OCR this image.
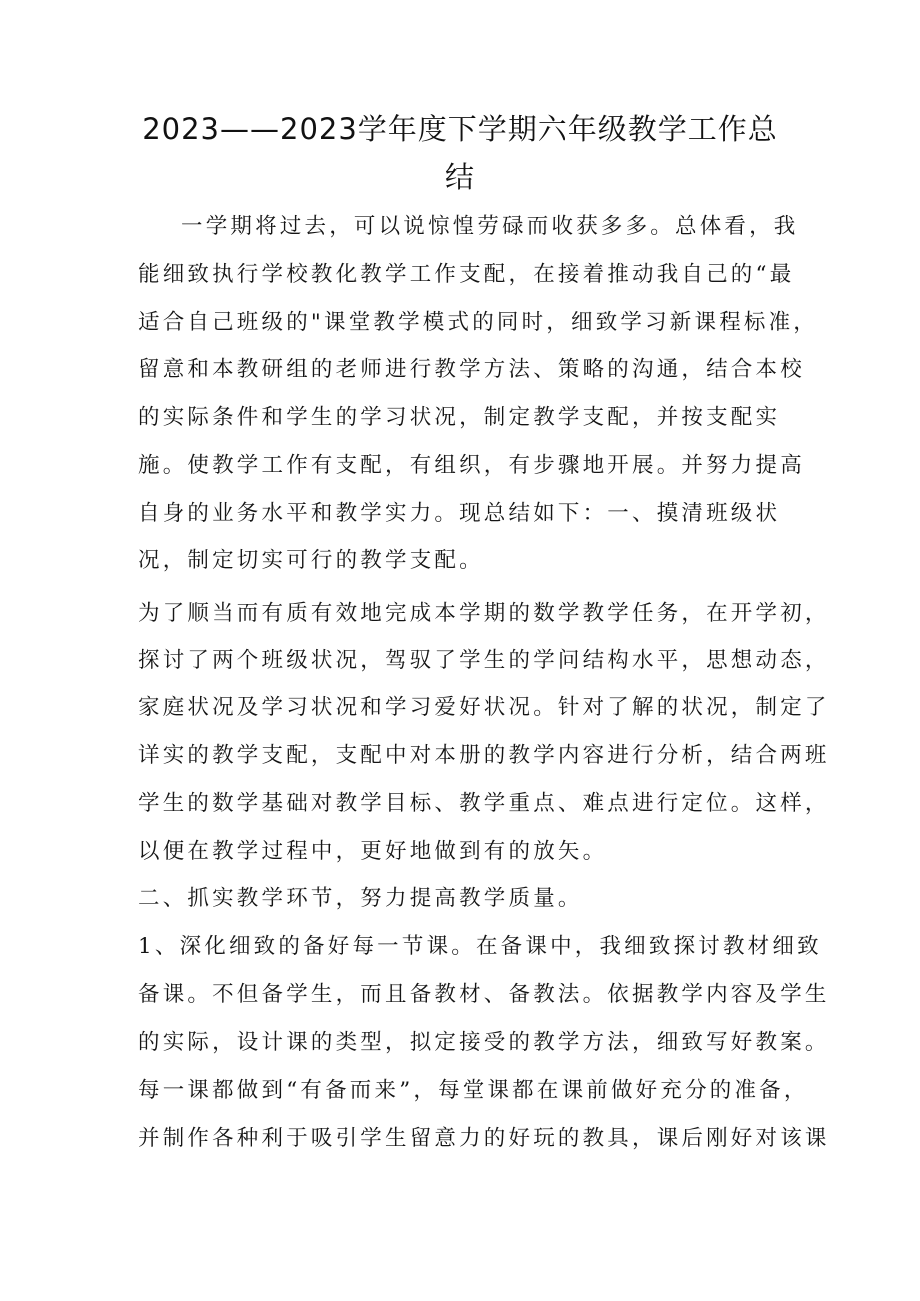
2023——2023学年度下学期六年级教学工作总
结
一学期将过去，可以说惊惶劳碌而收获多多。总体看，我
能细致执行学校教化教学工作支配，在接着推动我自己的“最
适合自己班级的"课堂教学模式的同时，细致学习新课程标准，
留意和本教研组的老师进行教学方法、策略的沟通，结合本校
的实际条件和学生的学习状况，制定教学支配，并按支配实
施。使教学工作有支配，有组织，有步骤地开展。并努力提高
自身的业务水平和教学实力。现总结如下：一、摸清班级状
况，制定切实可行的教学支配。
为了顺当而有质有效地完成本学期的数学教学任务，在开学初，
探讨了两个班级状况，驾驭了学生的学问结构水平，思想动态，
家庭状况及学习状况和学习爱好状况。针对了解的状况，制定了
详实的教学支配，支配中对本册的教学内容进行分析，结合两班
学生的数学基础对教学目标、教学重点、难点进行定位。这样，
以便在教学过程中，更好地做到有的放矢。
二、抓实教学环节，努力提高教学质量。
1、深化细致的备好每一节课。在备课中，我细致探讨教材细致
备课。不但备学生，而且备教材、备教法。依据教学内容及学生
的实际，设计课的类型，拟定接受的教学方法，细致写好教案。
每一课都做到“有备而来”，每堂课都在课前做好充分的准备，
并制作各种利于吸引学生留意力的好玩的教具，课后刚好对该课
